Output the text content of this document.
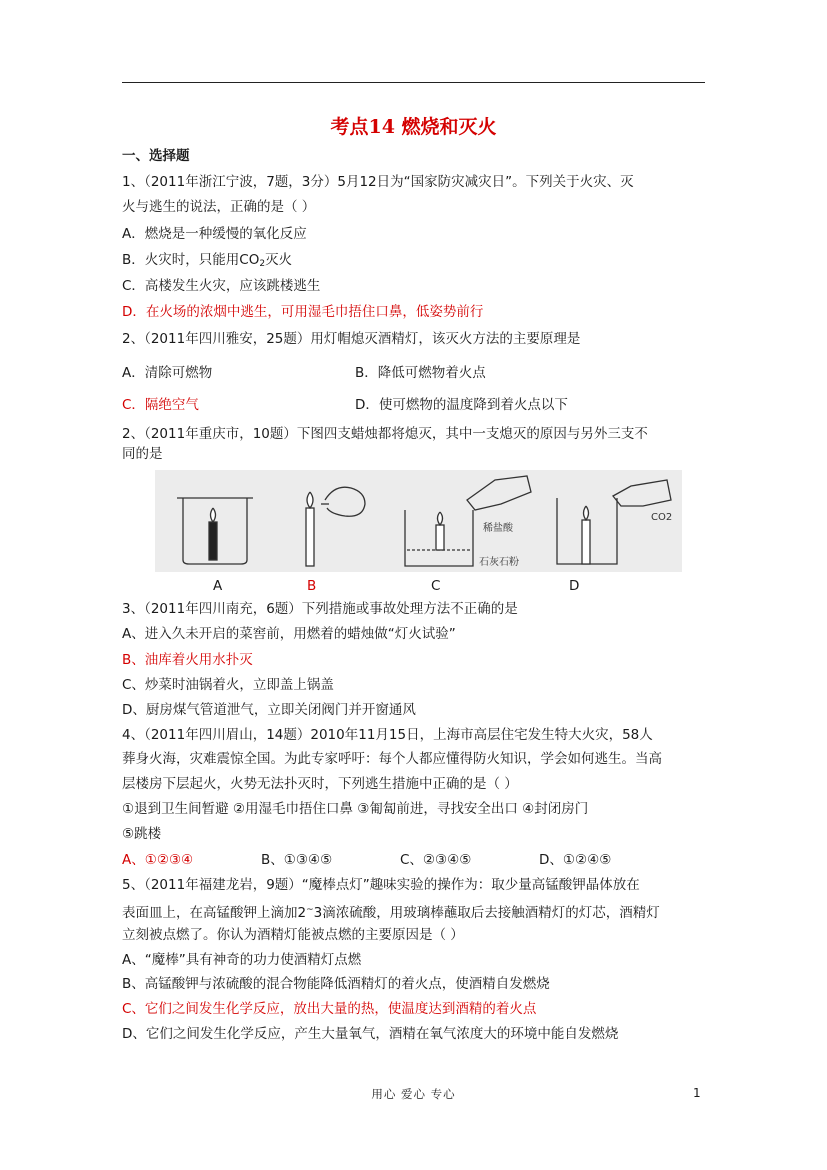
考点14 燃烧和灭火
一、选择题
1、（2011年浙江宁波，7题，3分）5月12日为“国家防灾减灾日”。下列关于火灾、灭
火与逃生的说法，正确的是（ ）
A．燃烧是一种缓慢的氧化反应
B．火灾时，只能用$CO_2$灭火
C．高楼发生火灾，应该跳楼逃生
D．在火场的浓烟中逃生，可用湿毛巾捂住口鼻，低姿势前行
2、（2011年四川雅安，25题）用灯帽熄灭酒精灯，该灭火方法的主要原理是
A．清除可燃物	B．降低可燃物着火点
C．隔绝空气	D．使可燃物的温度降到着火点以下
2、（2011年重庆市，10题）下图四支蜡烛都将熄灭，其中一支熄灭的原因与另外三支不
同的是
稀盐酸
石灰石粉
CO2
A	B	C	D
3、（2011年四川南充，6题）下列措施或事故处理方法不正确的是
A、进入久未开启的菜窖前，用燃着的蜡烛做“灯火试验”
B、油库着火用水扑灭
C、炒菜时油锅着火，立即盖上锅盖
D、厨房煤气管道泄气，立即关闭阀门并开窗通风
4、（2011年四川眉山，14题）2010年11月15日，上海市高层住宅发生特大火灾，58人
葬身火海，灾难震惊全国。为此专家呼吁：每个人都应懂得防火知识，学会如何逃生。当高
层楼房下层起火，火势无法扑灭时，下列逃生措施中正确的是（ ）
①退到卫生间暂避 ②用湿毛巾捂住口鼻 ③匍匐前进，寻找安全出口 ④封闭房门
⑤跳楼
A、①②③④	B、①③④⑤	C、②③④⑤	D、①②④⑤
5、（2011年福建龙岩，9题）“魔棒点灯”趣味实验的操作为：取少量高锰酸钾晶体放在
表面皿上，在高锰酸钾上滴加2~3滴浓硫酸，用玻璃棒蘸取后去接触酒精灯的灯芯，酒精灯
立刻被点燃了。你认为酒精灯能被点燃的主要原因是（ ）
A、“魔棒”具有神奇的功力使酒精灯点燃
B、高锰酸钾与浓硫酸的混合物能降低酒精灯的着火点，使酒精自发燃烧
C、它们之间发生化学反应，放出大量的热，使温度达到酒精的着火点
D、它们之间发生化学反应，产生大量氧气，酒精在氧气浓度大的环境中能自发燃烧
用心 爱心 专心	1
